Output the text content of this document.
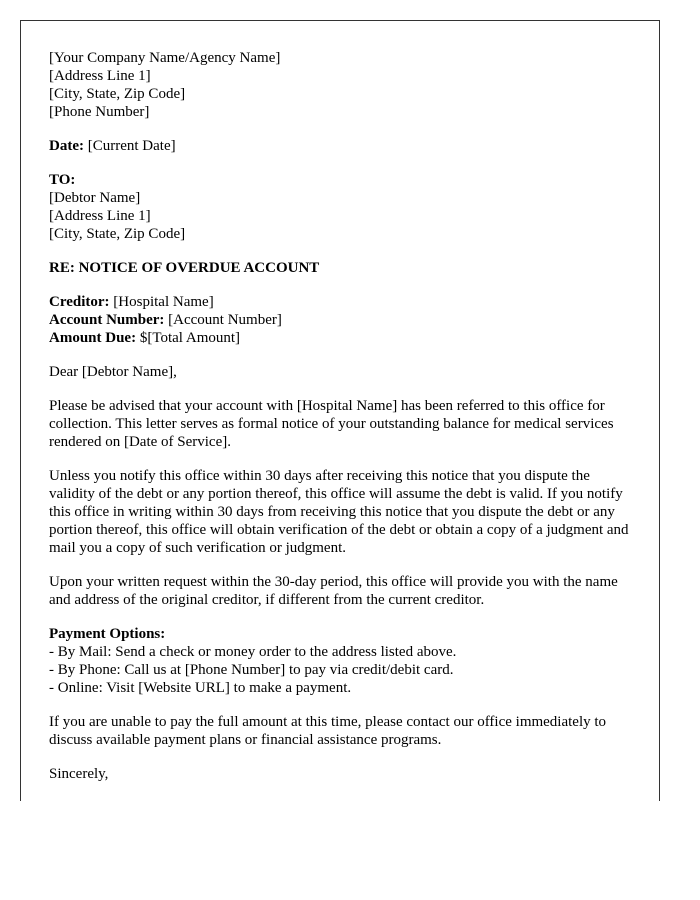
[Your Company Name/Agency Name]
[Address Line 1]
[City, State, Zip Code]
[Phone Number]
Date: [Current Date]
TO:
[Debtor Name]
[Address Line 1]
[City, State, Zip Code]
RE: NOTICE OF OVERDUE ACCOUNT
Creditor: [Hospital Name]
Account Number: [Account Number]
Amount Due: $[Total Amount]
Dear [Debtor Name],
Please be advised that your account with [Hospital Name] has been referred to this office for collection. This letter serves as formal notice of your outstanding balance for medical services rendered on [Date of Service].
Unless you notify this office within 30 days after receiving this notice that you dispute the validity of the debt or any portion thereof, this office will assume the debt is valid. If you notify this office in writing within 30 days from receiving this notice that you dispute the debt or any portion thereof, this office will obtain verification of the debt or obtain a copy of a judgment and mail you a copy of such verification or judgment.
Upon your written request within the 30-day period, this office will provide you with the name and address of the original creditor, if different from the current creditor.
Payment Options:
- By Mail: Send a check or money order to the address listed above.
- By Phone: Call us at [Phone Number] to pay via credit/debit card.
- Online: Visit [Website URL] to make a payment.
If you are unable to pay the full amount at this time, please contact our office immediately to discuss available payment plans or financial assistance programs.
Sincerely,
